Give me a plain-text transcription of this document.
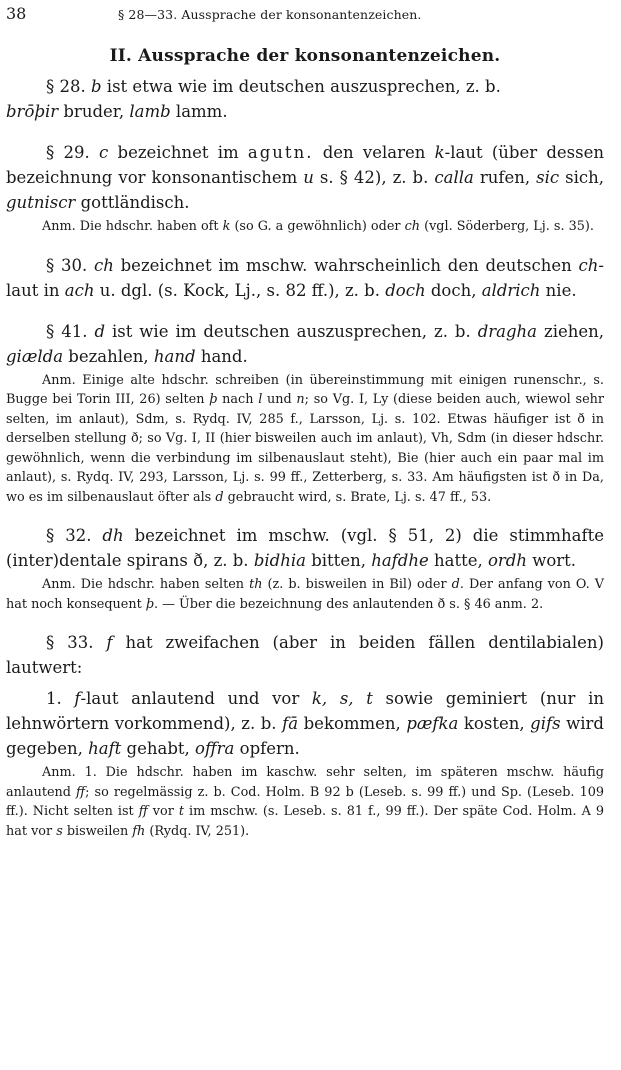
38	§ 28—33. Aussprache der konsonantenzeichen.
II. Aussprache der konsonantenzeichen.

§ 28. b ist etwa wie im deutschen auszusprechen, z. b.
brōþir bruder, lamb lamm.

§ 29. c bezeichnet im agutn. den velaren k-laut (über dessen bezeichnung vor konsonantischem u s. § 42), z. b. calla rufen, sic sich, gutniscr gottländisch.

Anm. Die hdschr. haben oft k (so G. a gewöhnlich) oder ch (vgl. Söderberg, Lj. s. 35).

§ 30. ch bezeichnet im mschw. wahrscheinlich den deutschen ch-laut in ach u. dgl. (s. Kock, Lj., s. 82 ff.), z. b. doch doch, aldrich nie.

§ 41. d ist wie im deutschen auszusprechen, z. b. dragha ziehen, giælda bezahlen, hand hand.

Anm. Einige alte hdschr. schreiben (in übereinstimmung mit einigen runenschr., s. Bugge bei Torin III, 26) selten þ nach l und n; so Vg. I, Ly (diese beiden auch, wiewol sehr selten, im anlaut), Sdm, s. Rydq. IV, 285 f., Larsson, Lj. s. 102. Etwas häufiger ist ð in derselben stellung ð; so Vg. I, II (hier bisweilen auch im anlaut), Vh, Sdm (in dieser hdschr. gewöhnlich, wenn die verbindung im silbenauslaut steht), Bie (hier auch ein paar mal im anlaut), s. Rydq. IV, 293, Larsson, Lj. s. 99 ff., Zetterberg, s. 33. Am häufigsten ist ð in Da, wo es im silbenauslaut öfter als d gebraucht wird, s. Brate, Lj. s. 47 ff., 53.

§ 32. dh bezeichnet im mschw. (vgl. § 51, 2) die stimmhafte (inter)dentale spirans ð, z. b. bidhia bitten, hafdhe hatte, ordh wort.

Anm. Die hdschr. haben selten th (z. b. bisweilen in Bil) oder d. Der anfang von O. V hat noch konsequent þ. — Über die bezeichnung des anlautenden ð s. § 46 anm. 2.

§ 33. f hat zweifachen (aber in beiden fällen dentilabialen) lautwert:

1. f-laut anlautend und vor k, s, t sowie geminiert (nur in lehnwörtern vorkommend), z. b. fā bekommen, pæfka kosten, gifs wird gegeben, haft gehabt, offra opfern.

Anm. 1. Die hdschr. haben im kaschw. sehr selten, im späteren mschw. häufig anlautend ff; so regelmässig z. b. Cod. Holm. B 92 b (Leseb. s. 99 ff.) und Sp. (Leseb. 109 ff.). Nicht selten ist ff vor t im mschw. (s. Leseb. s. 81 f., 99 ff.). Der späte Cod. Holm. A 9 hat vor s bisweilen fh (Rydq. IV, 251).
